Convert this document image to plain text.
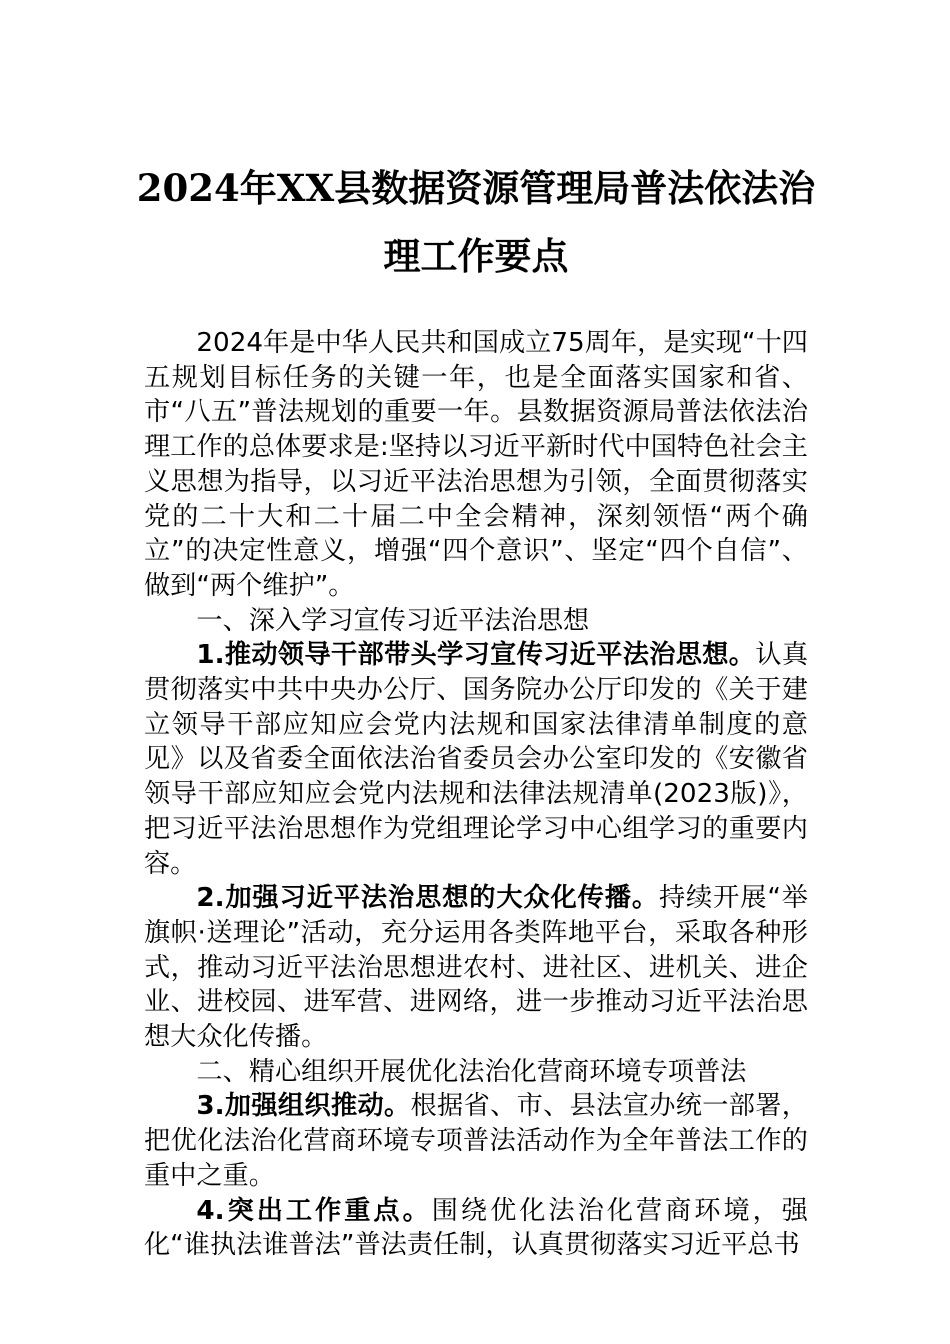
2024年XX县数据资源管理局普法依法治
理工作要点

2024年是中华人民共和国成立75周年，是实现“十四五规划目标任务的关键一年，也是全面落实国家和省、市“八五”普法规划的重要一年。县数据资源局普法依法治理工作的总体要求是:坚持以习近平新时代中国特色社会主义思想为指导，以习近平法治思想为引领，全面贯彻落实党的二十大和二十届二中全会精神，深刻领悟“两个确立”的决定性意义，增强“四个意识”、坚定“四个自信”、做到“两个维护”。

一、深入学习宣传习近平法治思想

1.推动领导干部带头学习宣传习近平法治思想。认真贯彻落实中共中央办公厅、国务院办公厅印发的《关于建立领导干部应知应会党内法规和国家法律清单制度的意见》以及省委全面依法治省委员会办公室印发的《安徽省领导干部应知应会党内法规和法律法规清单(2023版)》，把习近平法治思想作为党组理论学习中心组学习的重要内容。

2.加强习近平法治思想的大众化传播。持续开展“举旗帜·送理论”活动，充分运用各类阵地平台，采取各种形式，推动习近平法治思想进农村、进社区、进机关、进企业、进校园、进军营、进网络，进一步推动习近平法治思想大众化传播。

二、精心组织开展优化法治化营商环境专项普法

3.加强组织推动。根据省、市、县法宣办统一部署，把优化法治化营商环境专项普法活动作为全年普法工作的重中之重。

4.突出工作重点。围绕优化法治化营商环境，强化“谁执法谁普法”普法责任制，认真贯彻落实习近平总书
